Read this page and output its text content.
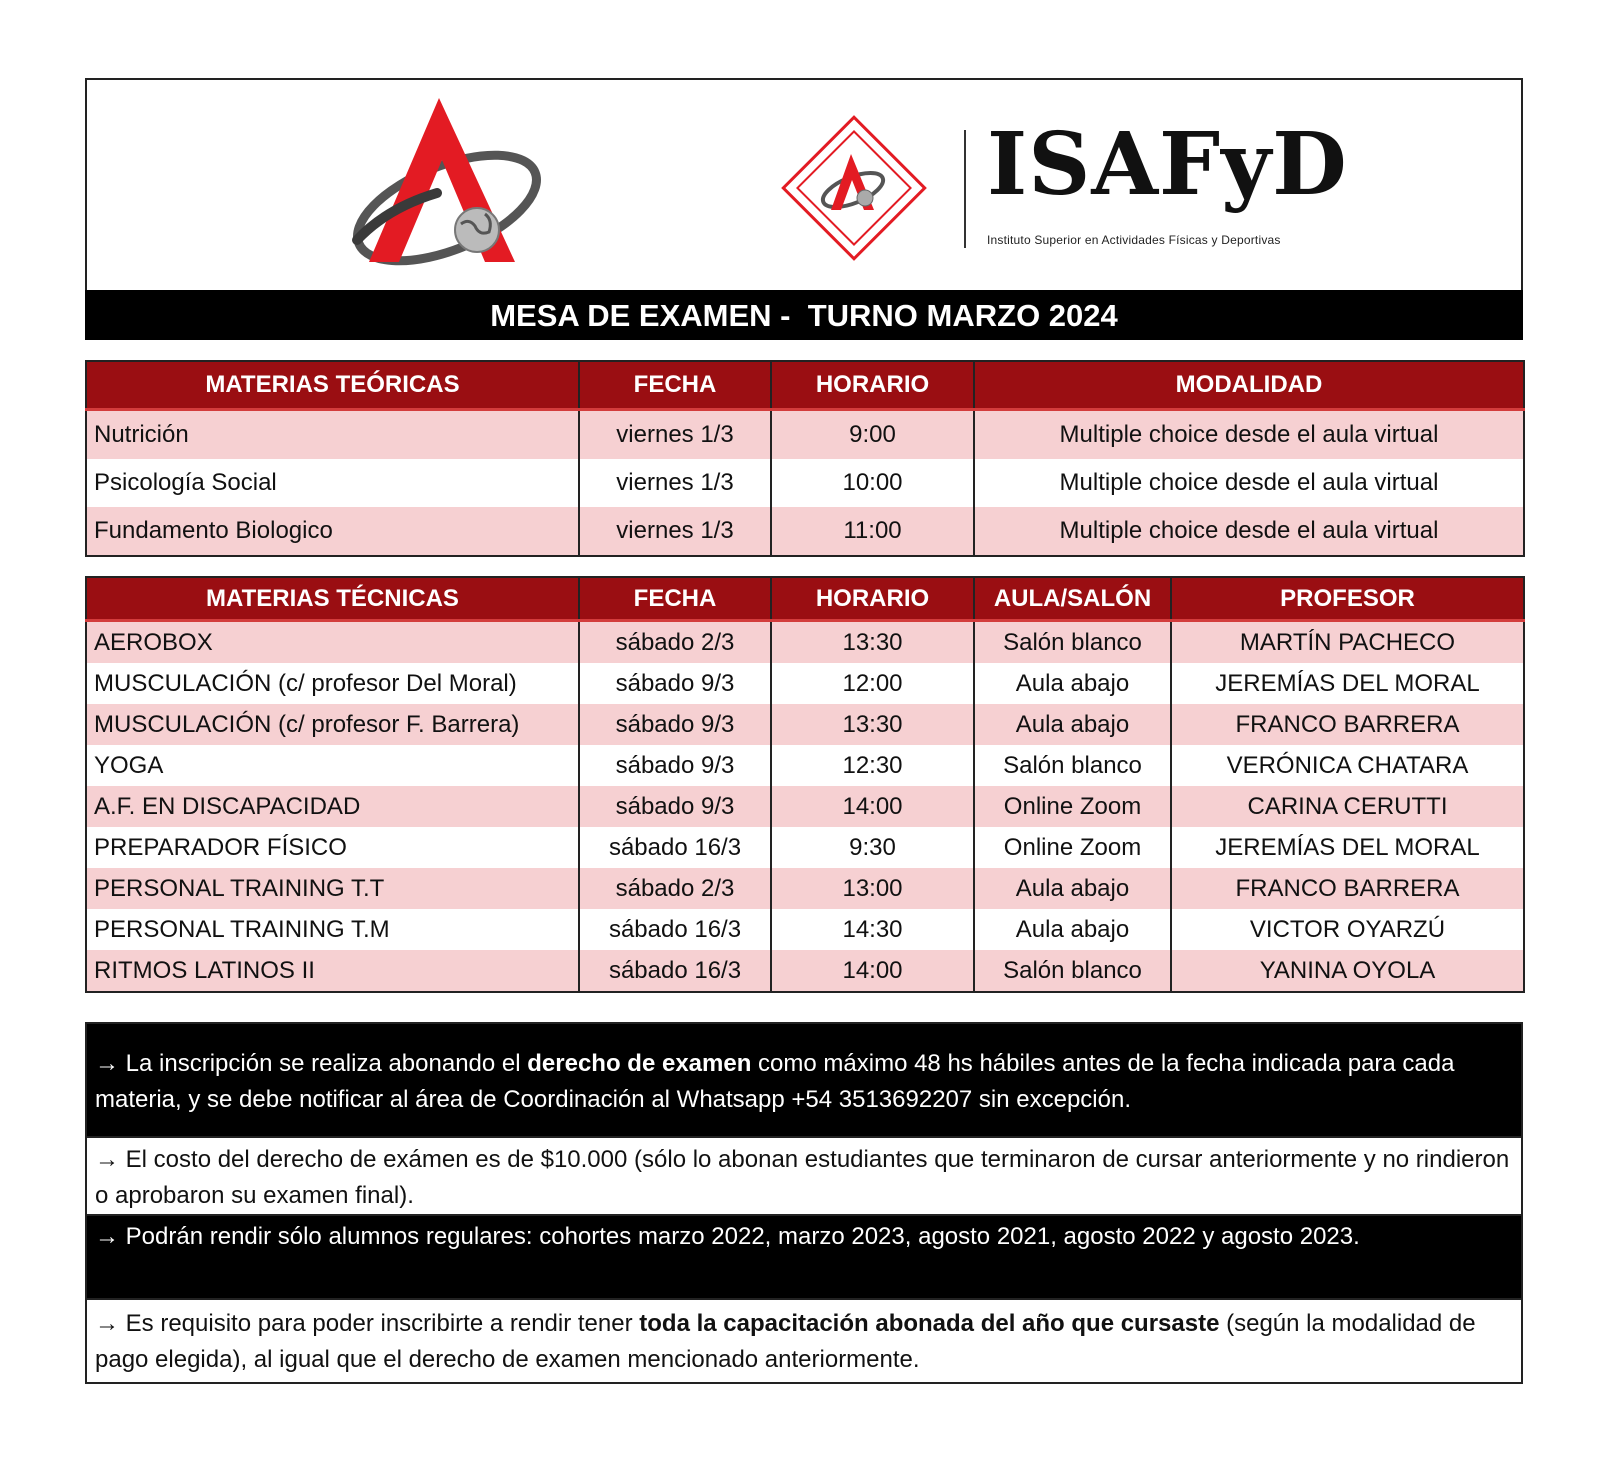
ISAFyD
Instituto Superior en Actividades Físicas y Deportivas
MESA DE EXAMEN -  TURNO MARZO 2024
MATERIAS TEÓRICAS	FECHA	HORARIO	MODALIDAD
Nutrición	viernes 1/3	9:00	Multiple choice desde el aula virtual
Psicología Social	viernes 1/3	10:00	Multiple choice desde el aula virtual
Fundamento Biologico	viernes 1/3	11:00	Multiple choice desde el aula virtual
MATERIAS TÉCNICAS	FECHA	HORARIO	AULA/SALÓN	PROFESOR
AEROBOX	sábado 2/3	13:30	Salón blanco	MARTÍN PACHECO
MUSCULACIÓN (c/ profesor Del Moral)	sábado 9/3	12:00	Aula abajo	JEREMÍAS DEL MORAL
MUSCULACIÓN (c/ profesor F. Barrera)	sábado 9/3	13:30	Aula abajo	FRANCO BARRERA
YOGA	sábado 9/3	12:30	Salón blanco	VERÓNICA CHATARA
A.F. EN DISCAPACIDAD	sábado 9/3	14:00	Online Zoom	CARINA CERUTTI
PREPARADOR FÍSICO	sábado 16/3	9:30	Online Zoom	JEREMÍAS DEL MORAL
PERSONAL TRAINING T.T	sábado 2/3	13:00	Aula abajo	FRANCO BARRERA
PERSONAL TRAINING T.M	sábado 16/3	14:30	Aula abajo	VICTOR OYARZÚ
RITMOS LATINOS II	sábado 16/3	14:00	Salón blanco	YANINA OYOLA
→ La inscripción se realiza abonando el derecho de examen como máximo 48 hs hábiles antes de la fecha indicada para cada materia, y se debe notificar al área de Coordinación al Whatsapp +54 3513692207 sin excepción.
→ El costo del derecho de exámen es de $10.000 (sólo lo abonan estudiantes que terminaron de cursar anteriormente y no rindieron o aprobaron su examen final).
→ Podrán rendir sólo alumnos regulares: cohortes marzo 2022, marzo 2023, agosto 2021, agosto 2022 y agosto 2023.
→ Es requisito para poder inscribirte a rendir tener toda la capacitación abonada del año que cursaste (según la modalidad de pago elegida), al igual que el derecho de examen mencionado anteriormente.
